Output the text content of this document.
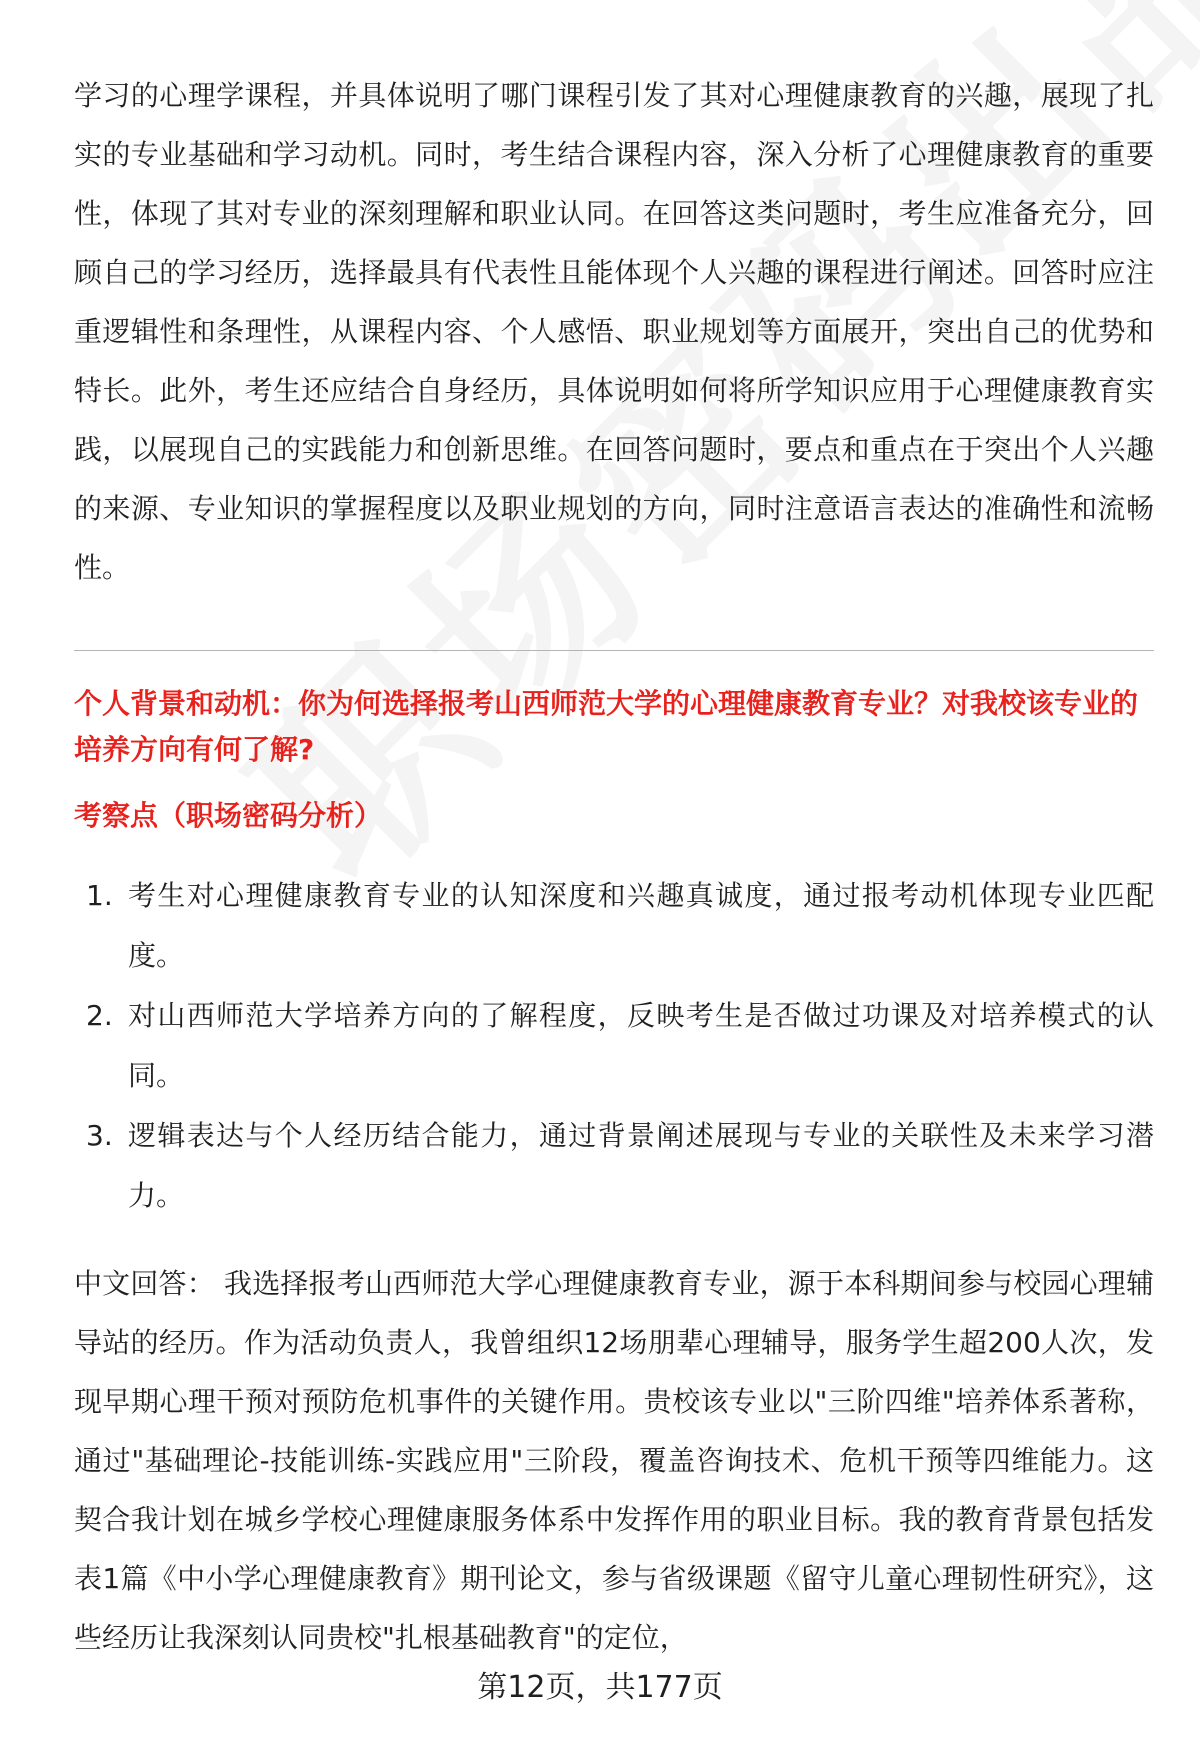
学习的心理学课程，并具体说明了哪门课程引发了其对心理健康教育的兴趣，展现了扎实的专业基础和学习动机。同时，考生结合课程内容，深入分析了心理健康教育的重要性，体现了其对专业的深刻理解和职业认同。在回答这类问题时，考生应准备充分，回顾自己的学习经历，选择最具有代表性且能体现个人兴趣的课程进行阐述。回答时应注重逻辑性和条理性，从课程内容、个人感悟、职业规划等方面展开，突出自己的优势和特长。此外，考生还应结合自身经历，具体说明如何将所学知识应用于心理健康教育实践，以展现自己的实践能力和创新思维。在回答问题时，要点和重点在于突出个人兴趣的来源、专业知识的掌握程度以及职业规划的方向，同时注意语言表达的准确性和流畅性。

个人背景和动机：你为何选择报考山西师范大学的心理健康教育专业？对我校该专业的培养方向有何了解?

考察点（职场密码分析）

1. 考生对心理健康教育专业的认知深度和兴趣真诚度，通过报考动机体现专业匹配度。
2. 对山西师范大学培养方向的了解程度，反映考生是否做过功课及对培养模式的认同。
3. 逻辑表达与个人经历结合能力，通过背景阐述展现与专业的关联性及未来学习潜力。

中文回答： 我选择报考山西师范大学心理健康教育专业，源于本科期间参与校园心理辅导站的经历。作为活动负责人，我曾组织12场朋辈心理辅导，服务学生超200人次，发现早期心理干预对预防危机事件的关键作用。贵校该专业以"三阶四维"培养体系著称，通过"基础理论-技能训练-实践应用"三阶段，覆盖咨询技术、危机干预等四维能力。这契合我计划在城乡学校心理健康服务体系中发挥作用的职业目标。我的教育背景包括发表1篇《中小学心理健康教育》期刊论文，参与省级课题《留守儿童心理韧性研究》，这些经历让我深刻认同贵校"扎根基础教育"的定位，

第12页，共177页
